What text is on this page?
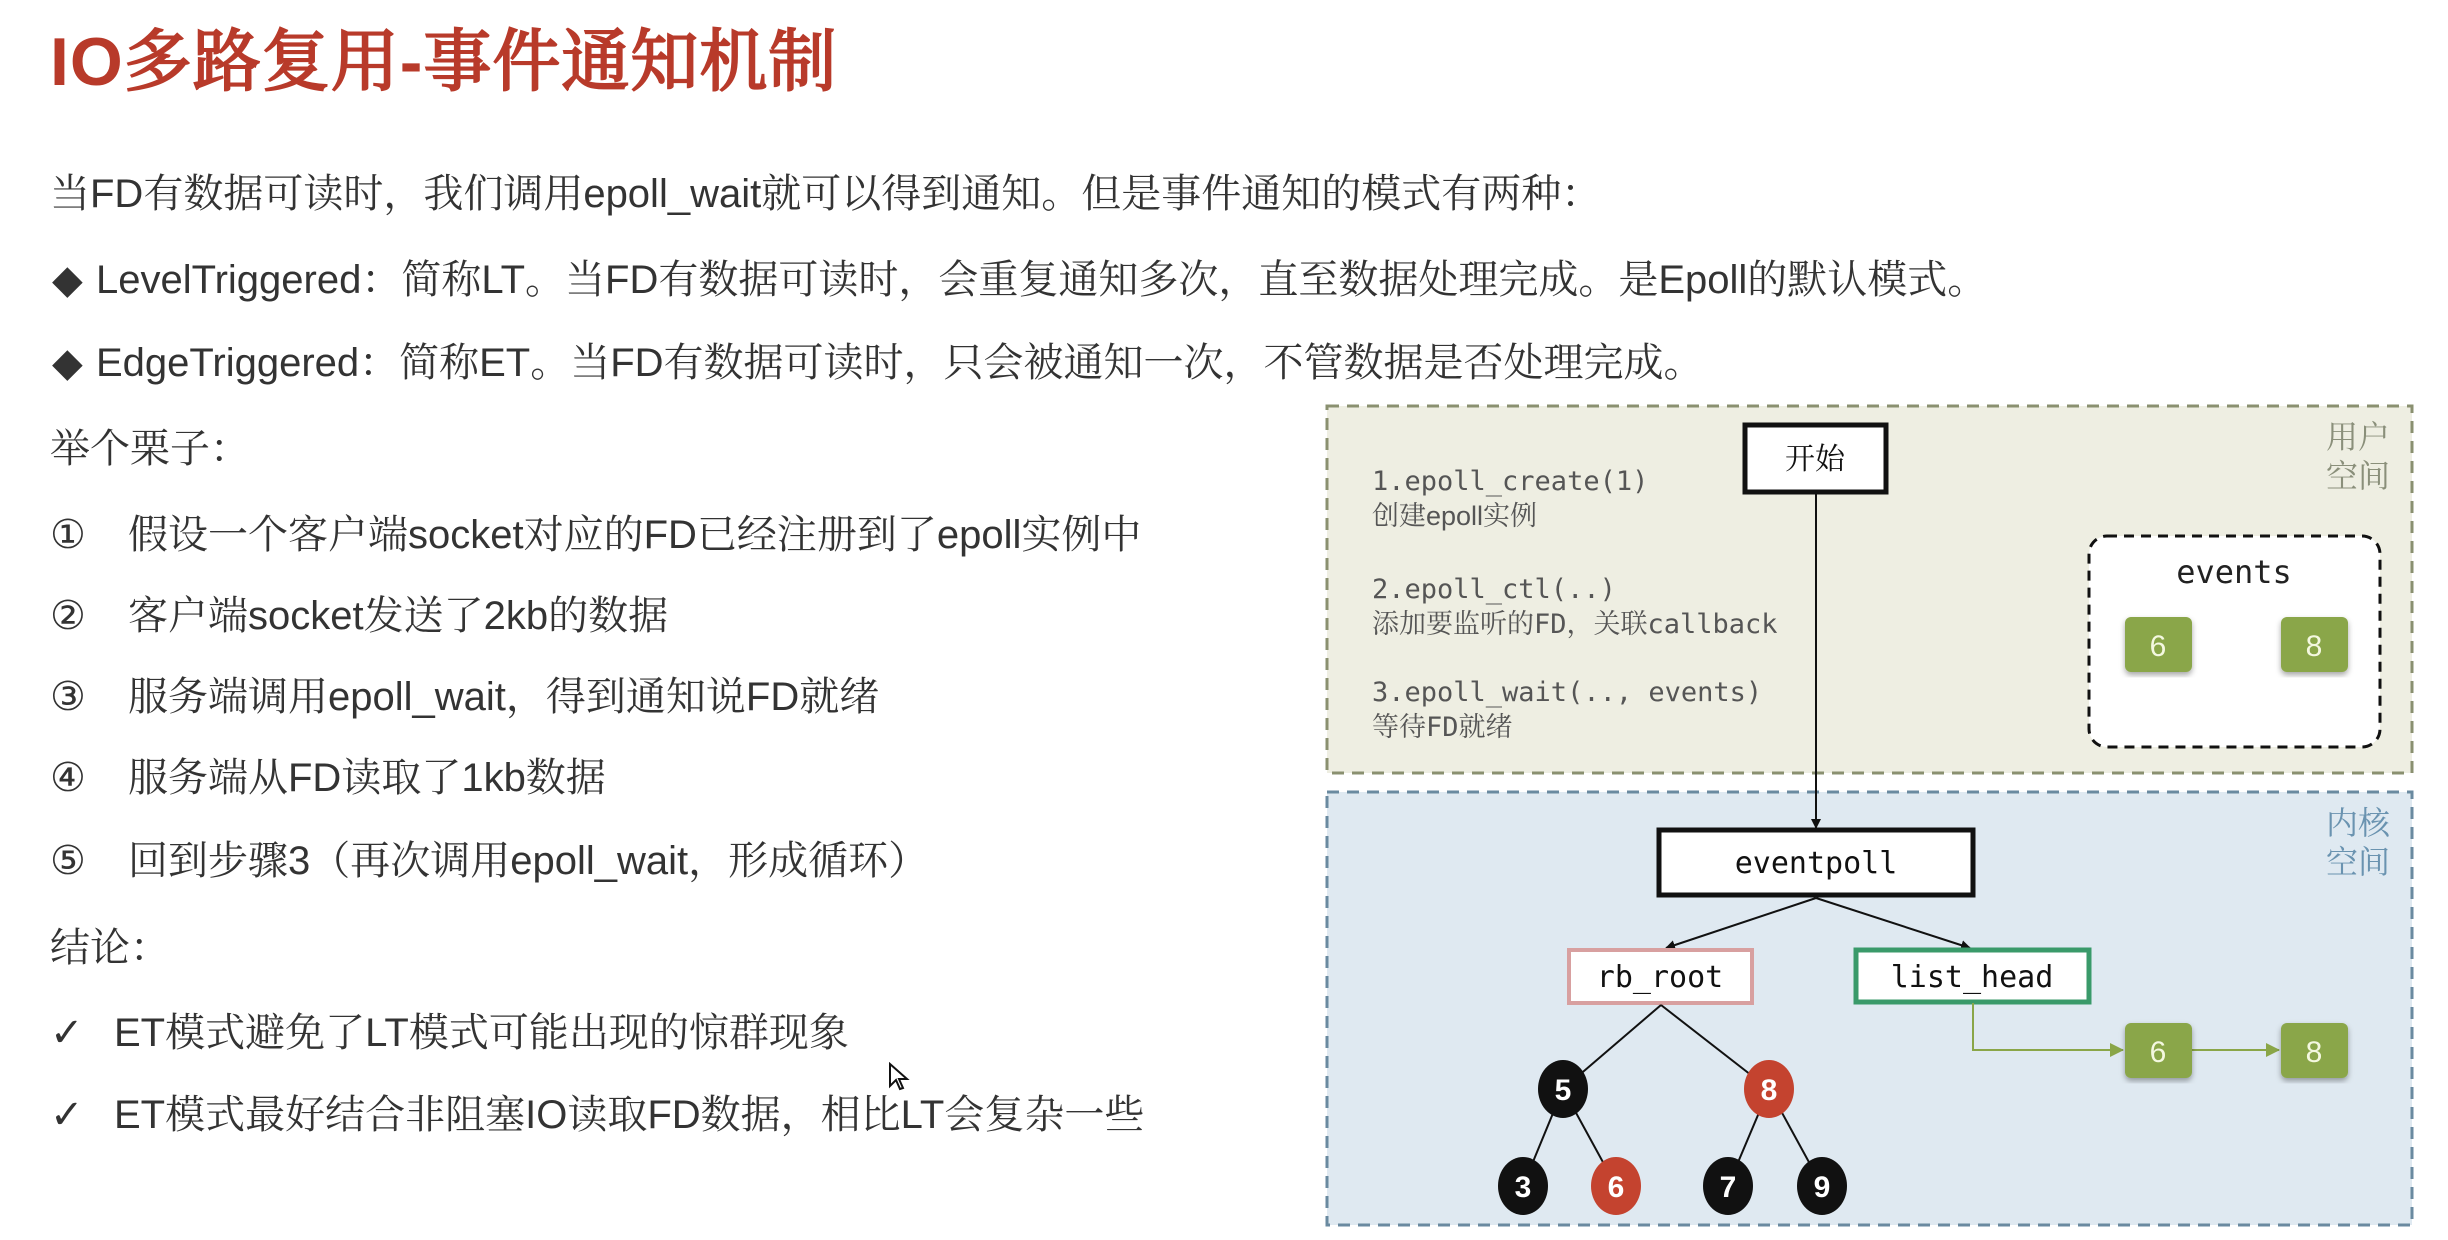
IO多路复用-事件通知机制
当FD有数据可读时，我们调用epoll_wait就可以得到通知。但是事件通知的模式有两种：
◆ LevelTriggered：简称LT。当FD有数据可读时，会重复通知多次，直至数据处理完成。是Epoll的默认模式。
◆ EdgeTriggered：简称ET。当FD有数据可读时，只会被通知一次，不管数据是否处理完成。
举个栗子：
① 假设一个客户端socket对应的FD已经注册到了epoll实例中
② 客户端socket发送了2kb的数据
③ 服务端调用epoll_wait，得到通知说FD就绪
④ 服务端从FD读取了1kb数据
⑤ 回到步骤3（再次调用epoll_wait，形成循环）
结论：
✓ ET模式避免了LT模式可能出现的惊群现象
✓ ET模式最好结合非阻塞IO读取FD数据，相比LT会复杂一些
用户
空间
内核
空间
1.epoll_create(1)
创建epoll实例
2.epoll_ctl(..)
添加要监听的FD，关联callback
3.epoll_wait(.., events)
等待FD就绪
开始
events
6	8
eventpoll
rb_root	list_head
5	8
3	6	7	9
6	8
